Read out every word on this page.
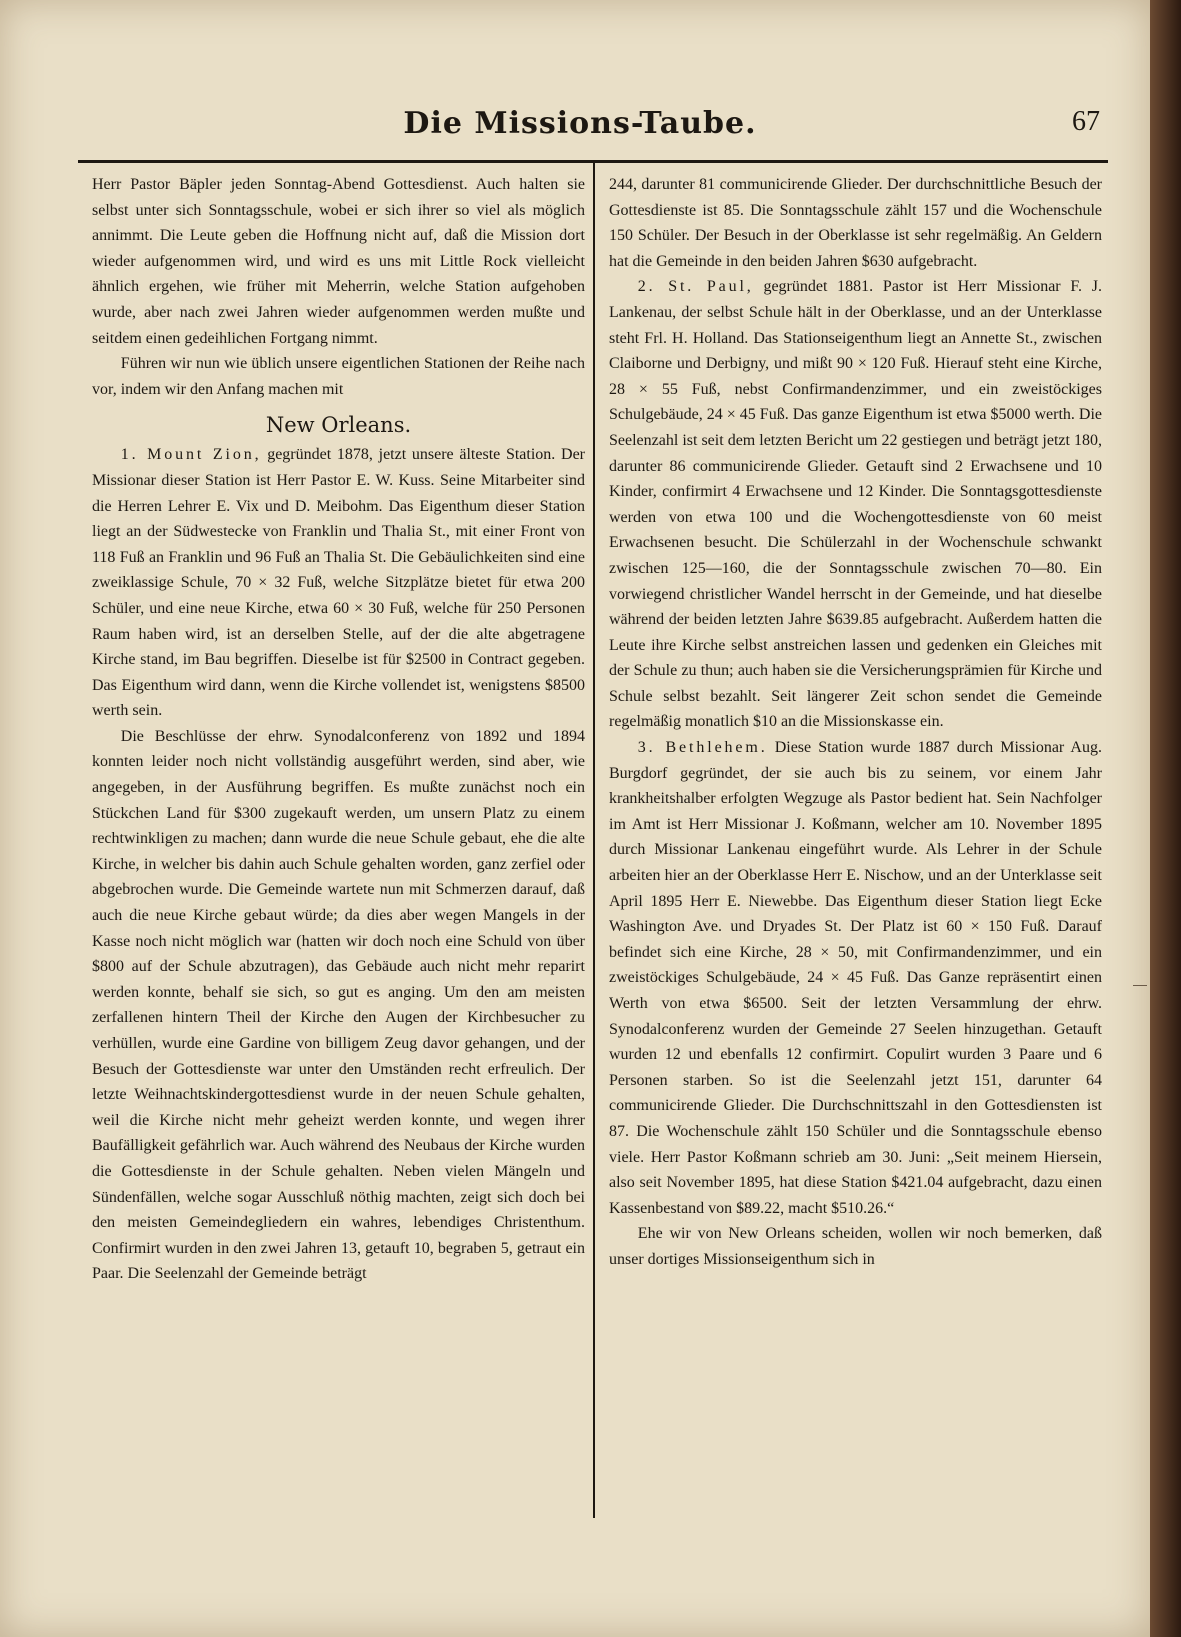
Die Missions-Taube.	67

Herr Pastor Bäpler jeden Sonntag-Abend Gottesdienst. Auch halten sie selbst unter sich Sonntagsschule, wobei er sich ihrer so viel als möglich annimmt. Die Leute geben die Hoffnung nicht auf, daß die Mission dort wieder aufgenommen wird, und wird es uns mit Little Rock vielleicht ähnlich ergehen, wie früher mit Meherrin, welche Station aufgehoben wurde, aber nach zwei Jahren wieder aufgenommen werden mußte und seitdem einen gedeihlichen Fortgang nimmt.

Führen wir nun wie üblich unsere eigentlichen Stationen der Reihe nach vor, indem wir den Anfang machen mit

New Orleans.

1. Mount Zion, gegründet 1878, jetzt unsere älteste Station. Der Missionar dieser Station ist Herr Pastor E. W. Kuss. Seine Mitarbeiter sind die Herren Lehrer E. Vix und D. Meibohm. Das Eigenthum dieser Station liegt an der Südwestecke von Franklin und Thalia St., mit einer Front von 118 Fuß an Franklin und 96 Fuß an Thalia St. Die Gebäulichkeiten sind eine zweiklassige Schule, 70 × 32 Fuß, welche Sitzplätze bietet für etwa 200 Schüler, und eine neue Kirche, etwa 60 × 30 Fuß, welche für 250 Personen Raum haben wird, ist an derselben Stelle, auf der die alte abgetragene Kirche stand, im Bau begriffen. Dieselbe ist für $2500 in Contract gegeben. Das Eigenthum wird dann, wenn die Kirche vollendet ist, wenigstens $8500 werth sein.

Die Beschlüsse der ehrw. Synodalconferenz von 1892 und 1894 konnten leider noch nicht vollständig ausgeführt werden, sind aber, wie angegeben, in der Ausführung begriffen. Es mußte zunächst noch ein Stückchen Land für $300 zugekauft werden, um unsern Platz zu einem rechtwinkligen zu machen; dann wurde die neue Schule gebaut, ehe die alte Kirche, in welcher bis dahin auch Schule gehalten worden, ganz zerfiel oder abgebrochen wurde. Die Gemeinde wartete nun mit Schmerzen darauf, daß auch die neue Kirche gebaut würde; da dies aber wegen Mangels in der Kasse noch nicht möglich war (hatten wir doch noch eine Schuld von über $800 auf der Schule abzutragen), das Gebäude auch nicht mehr reparirt werden konnte, behalf sie sich, so gut es anging. Um den am meisten zerfallenen hintern Theil der Kirche den Augen der Kirchbesucher zu verhüllen, wurde eine Gardine von billigem Zeug davor gehangen, und der Besuch der Gottesdienste war unter den Umständen recht erfreulich. Der letzte Weihnachtskindergottesdienst wurde in der neuen Schule gehalten, weil die Kirche nicht mehr geheizt werden konnte, und wegen ihrer Baufälligkeit gefährlich war. Auch während des Neubaus der Kirche wurden die Gottesdienste in der Schule gehalten. Neben vielen Mängeln und Sündenfällen, welche sogar Ausschluß nöthig machten, zeigt sich doch bei den meisten Gemeindegliedern ein wahres, lebendiges Christenthum. Confirmirt wurden in den zwei Jahren 13, getauft 10, begraben 5, getraut ein Paar. Die Seelenzahl der Gemeinde beträgt

244, darunter 81 communicirende Glieder. Der durchschnittliche Besuch der Gottesdienste ist 85. Die Sonntagsschule zählt 157 und die Wochenschule 150 Schüler. Der Besuch in der Oberklasse ist sehr regelmäßig. An Geldern hat die Gemeinde in den beiden Jahren $630 aufgebracht.

2. St. Paul, gegründet 1881. Pastor ist Herr Missionar F. J. Lankenau, der selbst Schule hält in der Oberklasse, und an der Unterklasse steht Frl. H. Holland. Das Stationseigenthum liegt an Annette St., zwischen Claiborne und Derbigny, und mißt 90 × 120 Fuß. Hierauf steht eine Kirche, 28 × 55 Fuß, nebst Confirmandenzimmer, und ein zweistöckiges Schulgebäude, 24 × 45 Fuß. Das ganze Eigenthum ist etwa $5000 werth. Die Seelenzahl ist seit dem letzten Bericht um 22 gestiegen und beträgt jetzt 180, darunter 86 communicirende Glieder. Getauft sind 2 Erwachsene und 10 Kinder, confirmirt 4 Erwachsene und 12 Kinder. Die Sonntagsgottesdienste werden von etwa 100 und die Wochengottesdienste von 60 meist Erwachsenen besucht. Die Schülerzahl in der Wochenschule schwankt zwischen 125—160, die der Sonntagsschule zwischen 70—80. Ein vorwiegend christlicher Wandel herrscht in der Gemeinde, und hat dieselbe während der beiden letzten Jahre $639.85 aufgebracht. Außerdem hatten die Leute ihre Kirche selbst anstreichen lassen und gedenken ein Gleiches mit der Schule zu thun; auch haben sie die Versicherungsprämien für Kirche und Schule selbst bezahlt. Seit längerer Zeit schon sendet die Gemeinde regelmäßig monatlich $10 an die Missionskasse ein.

3. Bethlehem. Diese Station wurde 1887 durch Missionar Aug. Burgdorf gegründet, der sie auch bis zu seinem, vor einem Jahr krankheitshalber erfolgten Wegzuge als Pastor bedient hat. Sein Nachfolger im Amt ist Herr Missionar J. Koßmann, welcher am 10. November 1895 durch Missionar Lankenau eingeführt wurde. Als Lehrer in der Schule arbeiten hier an der Oberklasse Herr E. Nischow, und an der Unterklasse seit April 1895 Herr E. Niewebbe. Das Eigenthum dieser Station liegt Ecke Washington Ave. und Dryades St. Der Platz ist 60 × 150 Fuß. Darauf befindet sich eine Kirche, 28 × 50, mit Confirmandenzimmer, und ein zweistöckiges Schulgebäude, 24 × 45 Fuß. Das Ganze repräsentirt einen Werth von etwa $6500. Seit der letzten Versammlung der ehrw. Synodalconferenz wurden der Gemeinde 27 Seelen hinzugethan. Getauft wurden 12 und ebenfalls 12 confirmirt. Copulirt wurden 3 Paare und 6 Personen starben. So ist die Seelenzahl jetzt 151, darunter 64 communicirende Glieder. Die Durchschnittszahl in den Gottesdiensten ist 87. Die Wochenschule zählt 150 Schüler und die Sonntagsschule ebenso viele. Herr Pastor Koßmann schrieb am 30. Juni: „Seit meinem Hiersein, also seit November 1895, hat diese Station $421.04 aufgebracht, dazu einen Kassenbestand von $89.22, macht $510.26.“

Ehe wir von New Orleans scheiden, wollen wir noch bemerken, daß unser dortiges Missionseigenthum sich in
